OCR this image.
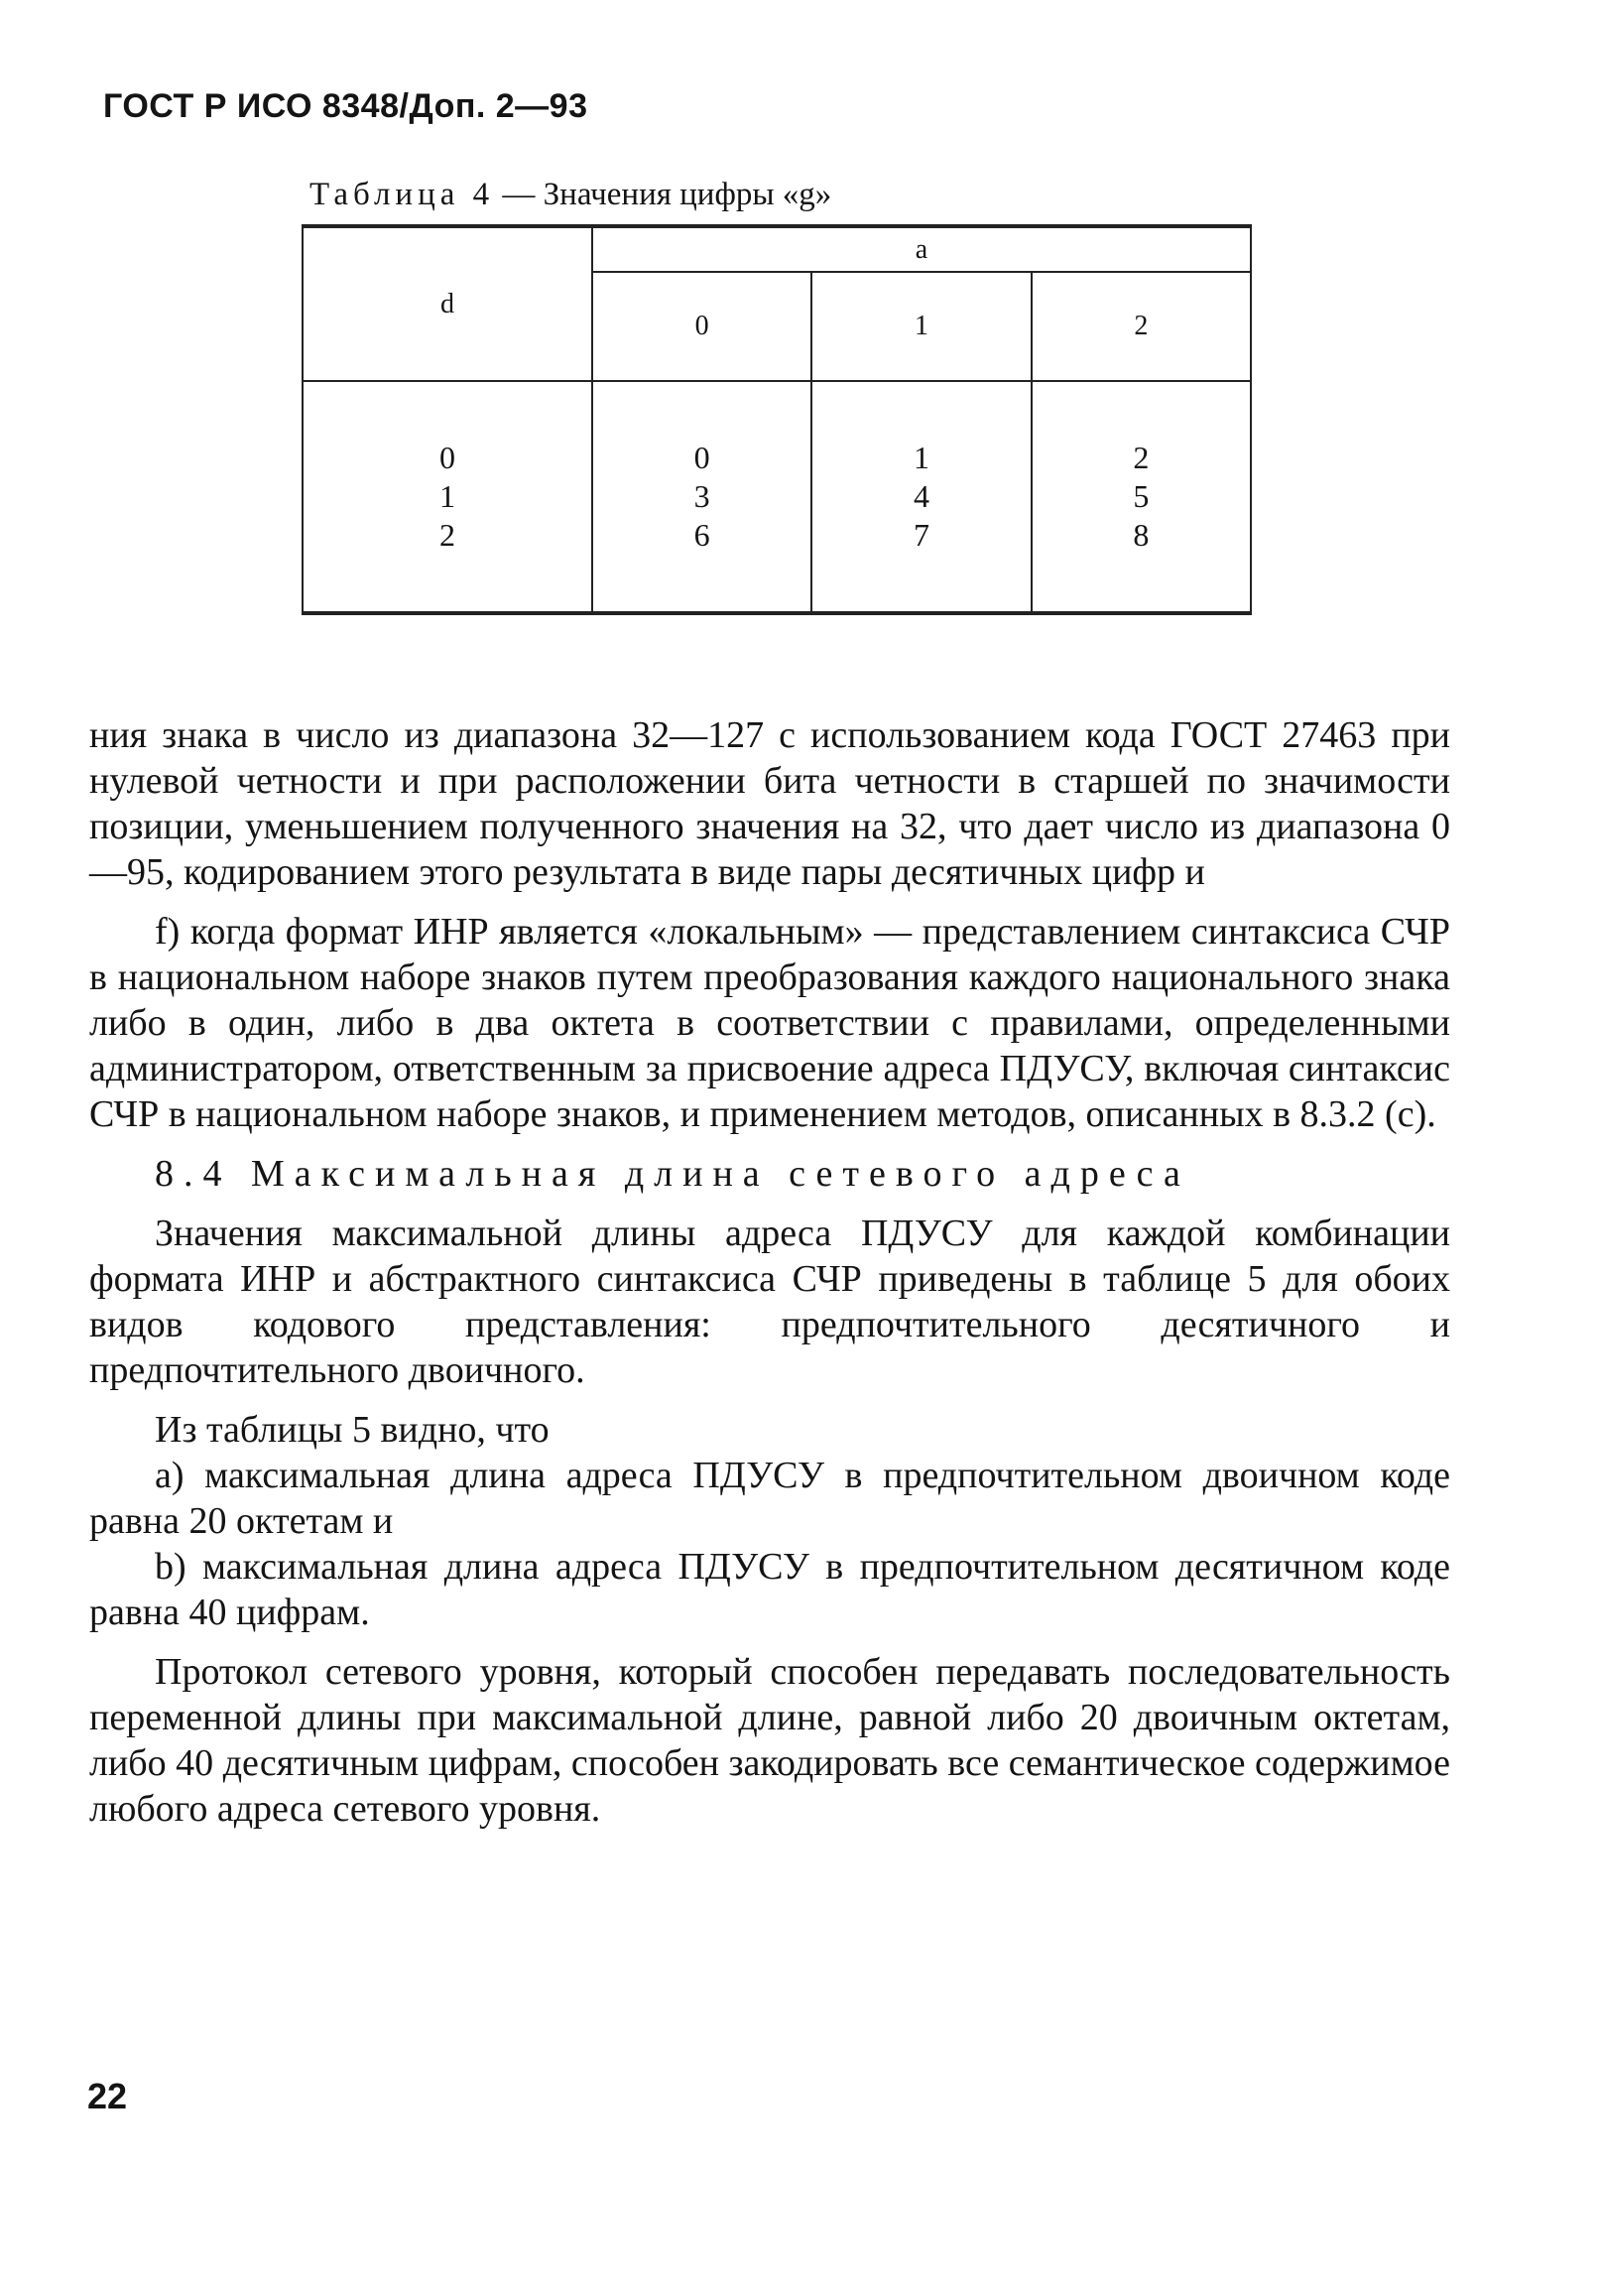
ГОСТ Р ИСО 8348/Доп. 2—93
Таблица 4 — Значения цифры «g»
d	a		
	0	1	2

0
1
2	0
3
6	1
4
7	2
5
8

ния знака в число из диапазона 32—127 с использованием кода ГОСТ 27463 при нулевой четности и при расположении бита четности в старшей по значимости позиции, уменьшением полученного значения на 32, что дает число из диапазона 0—95, кодированием этого результата в виде пары десятичных цифр и

f) когда формат ИНР является «локальным» — представлением синтаксиса СЧР в национальном наборе знаков путем преобразования каждого национального знака либо в один, либо в два октета в соответствии с правилами, определенными администратором, ответственным за присвоение адреса ПДУСУ, включая синтаксис СЧР в национальном наборе знаков, и применением методов, описанных в 8.3.2 (c).

8.4 Максимальная длина сетевого адреса

Значения максимальной длины адреса ПДУСУ для каждой комбинации формата ИНР и абстрактного синтаксиса СЧР приведены в таблице 5 для обоих видов кодового представления: предпочтительного десятичного и предпочтительного двоичного.

Из таблицы 5 видно, что

a) максимальная длина адреса ПДУСУ в предпочтительном двоичном коде равна 20 октетам и

b) максимальная длина адреса ПДУСУ в предпочтительном десятичном коде равна 40 цифрам.

Протокол сетевого уровня, который способен передавать последовательность переменной длины при максимальной длине, равной либо 20 двоичным октетам, либо 40 десятичным цифрам, способен закодировать все семантическое содержимое любого адреса сетевого уровня.

22
